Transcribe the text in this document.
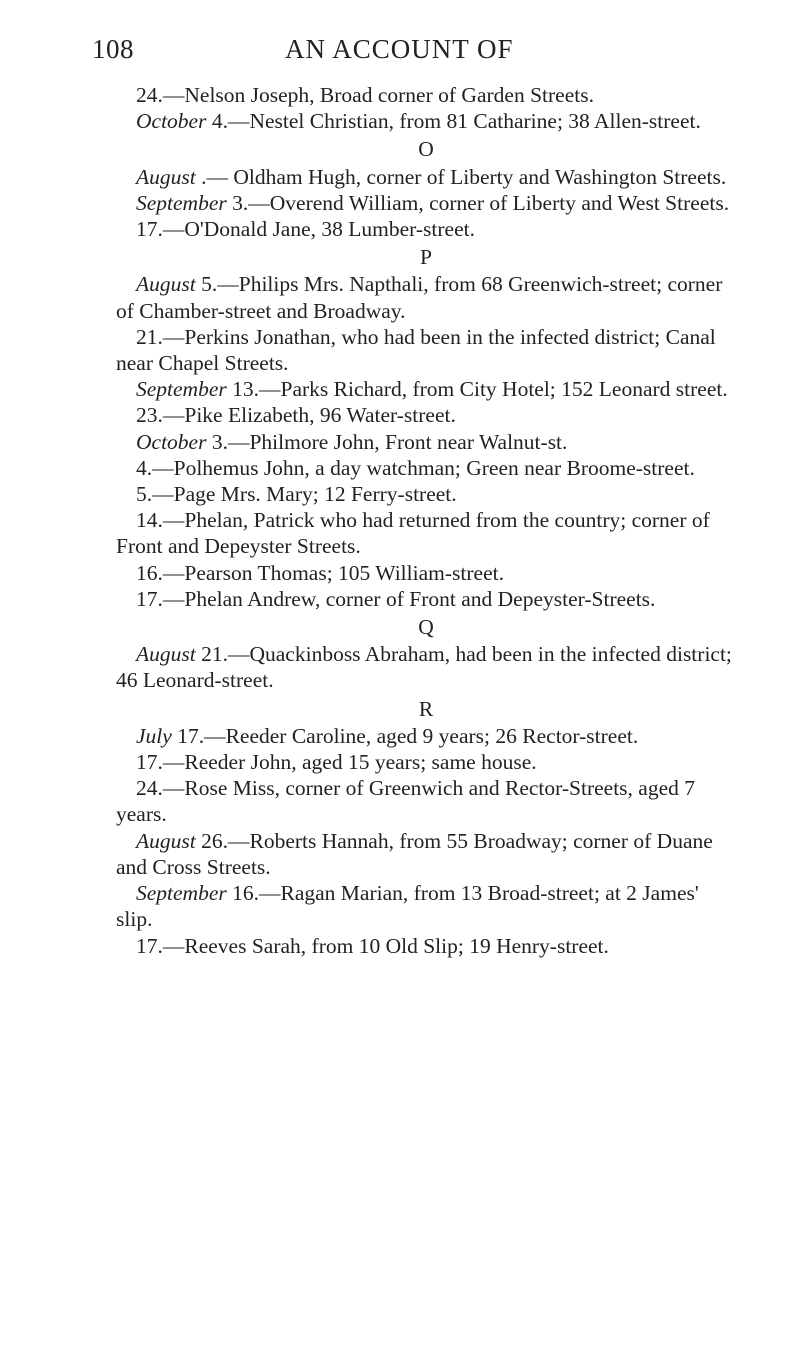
108	AN ACCOUNT OF
24.—Nelson Joseph, Broad corner of Garden Streets.
October 4.—Nestel Christian, from 81 Catharine; 38 Allen-street.
O
August .— Oldham Hugh, corner of Liberty and Washington Streets.
September 3.—Overend William, corner of Liberty and West Streets.
17.—O'Donald Jane, 38 Lumber-street.
P
August 5.—Philips Mrs. Napthali, from 68 Greenwich-street; corner of Chamber-street and Broadway.
21.—Perkins Jonathan, who had been in the infected district; Canal near Chapel Streets.
September 13.—Parks Richard, from City Hotel; 152 Leonard street.
23.—Pike Elizabeth, 96 Water-street.
October 3.—Philmore John, Front near Walnut-st.
4.—Polhemus John, a day watchman; Green near Broome-street.
5.—Page Mrs. Mary; 12 Ferry-street.
14.—Phelan, Patrick who had returned from the country; corner of Front and Depeyster Streets.
16.—Pearson Thomas; 105 William-street.
17.—Phelan Andrew, corner of Front and Depeyster-Streets.
Q
August 21.—Quackinboss Abraham, had been in the infected district; 46 Leonard-street.
R
July 17.—Reeder Caroline, aged 9 years; 26 Rector-street.
17.—Reeder John, aged 15 years; same house.
24.—Rose Miss, corner of Greenwich and Rector-Streets, aged 7 years.
August 26.—Roberts Hannah, from 55 Broadway; corner of Duane and Cross Streets.
September 16.—Ragan Marian, from 13 Broad-street; at 2 James' slip.
17.—Reeves Sarah, from 10 Old Slip; 19 Henry-street.
